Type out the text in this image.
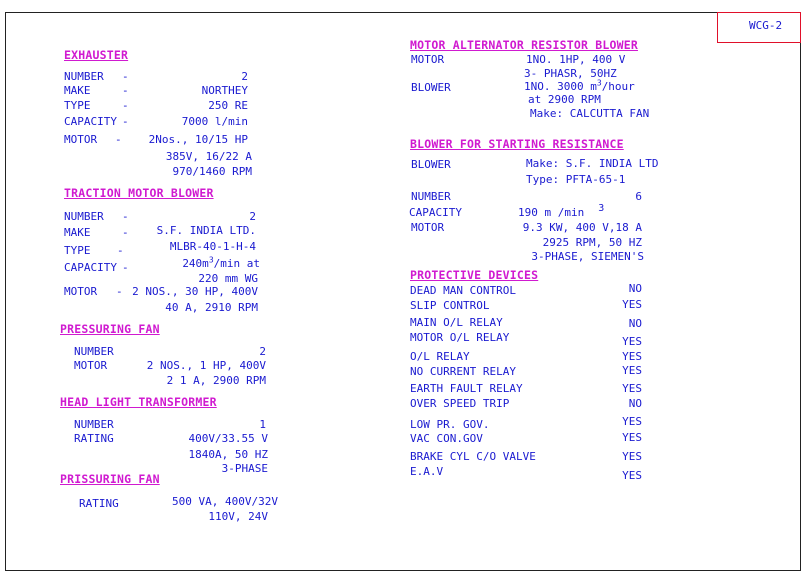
WCG-2
EXHAUSTER
NUMBER -	2
MAKE	-	NORTHEY
TYPE	-	250 RE
CAPACITY -	7000 l/min
MOTOR -	2Nos., 10/15 HP
385V, 16/22 A
970/1460 RPM
TRACTION MOTOR BLOWER
NUMBER -	2
MAKE	-	S.F. INDIA LTD.
TYPE -	MLBR-40-1-H-4
CAPACITY -	$240m^3/\min$ at
220 mm WG
MOTOR - 2 NOS., 30 HP, 400V
40 A, 2910 RPM
PRESSURING FAN
NUMBER	2
MOTOR	2 NOS., 1 HP, 400V
2 1 A, 2900 RPM
HEAD LIGHT TRANSFORMER
NUMBER	1
RATING	400V/33.55 V
1840A, 50 HZ
3-PHASE
PRISSURING FAN
RATING	500 VA, 400V/32V
110V, 24V
MOTOR ALTERNATOR RESISTOR BLOWER
MOTOR	1NO. 1HP, 400 V
3- PHASR, 50HZ
BLOWER	1NO. 3000 $m^3$/hour
at 2900 RPM
Make: CALCUTTA FAN
BLOWER FOR STARTING RESISTANCE
BLOWER	Make: S.F. INDIA LTD
Type: PFTA-65-1
NUMBER	6
CAPACITY	190 m /min $^3$
MOTOR	9.3 KW, 400 V,18 A
2925 RPM, 50 HZ
3-PHASE, SIEMEN'S
PROTECTIVE DEVICES
DEAD MAN CONTROL	NO
SLIP CONTROL	YES
MAIN O/L RELAY	NO
MOTOR O/L RELAY	YES
O/L RELAY	YES
NO CURRENT RELAY	YES
EARTH FAULT RELAY	YES
OVER SPEED TRIP	NO
LOW PR. GOV.	YES
VAC CON.GOV	YES
BRAKE CYL C/O VALVE	YES
E.A.V	YES
